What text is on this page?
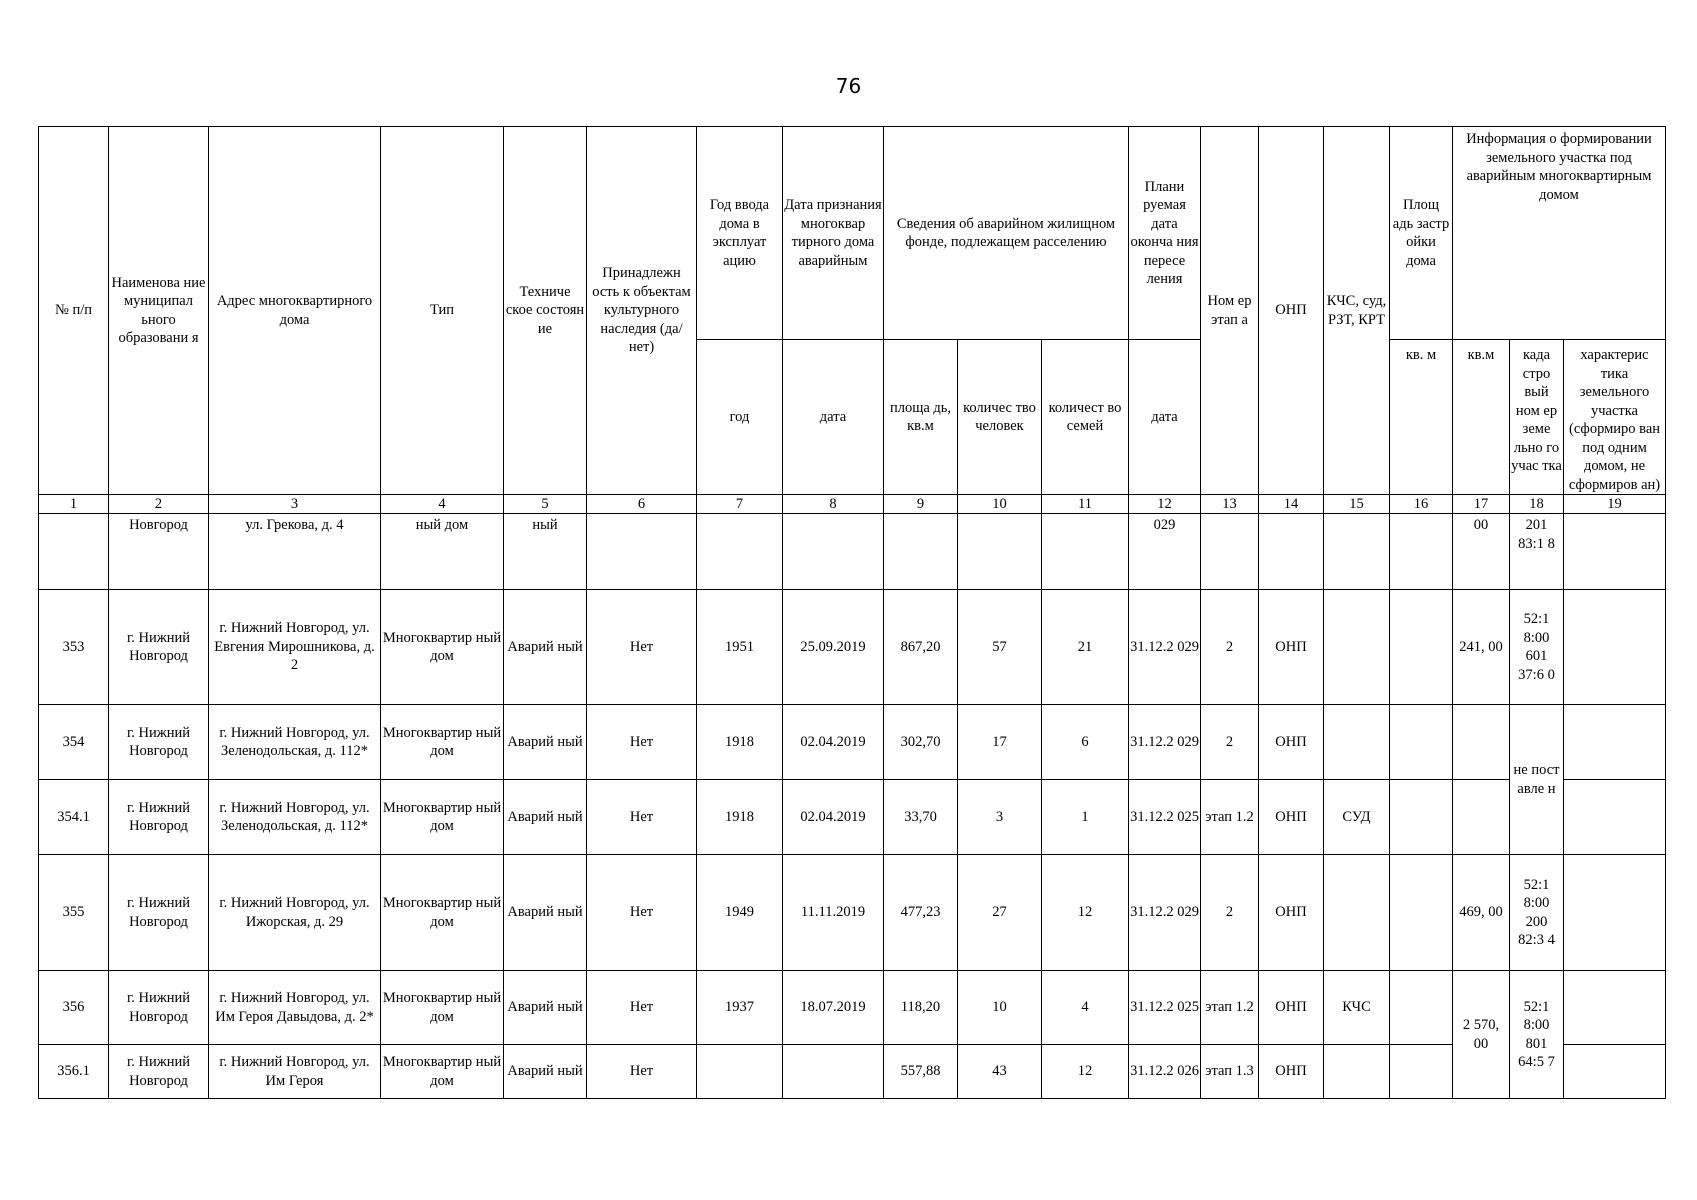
76
№ п/п	Наименова ние муниципал ьного образовани я	Адрес многоквартирного дома	Тип	Техниче ское состоян ие	Принадлежн ость к объектам культурного наследия (да/нет)	Год ввода дома в эксплуат ацию	Дата признания многоквар тирного дома аварийным	Сведения об аварийном жилищном фонде, подлежащем расселению			Плани руемая дата оконча ния пересе ления	Ном ер этап а	ОНП	КЧС, суд, РЗТ, КРТ	Площ адь застр ойки дома	Информация о формировании земельного участка под аварийным многоквартирным домом		
						год	дата	площа дь, кв.м	количес тво человек	количест во семей	дата				кв. м	кв.м	када стро вый ном ер земе льно го учас тка	характерис тика земельного участка (сформиро ван под одним домом, не сформиров ан)
1	2	3	4	5	6	7	8	9	10	11	12	13	14	15	16	17	18	19
	Новгород	ул. Грекова, д. 4	ный дом	ный							029					00	201 83:1 8	
353	г. Нижний Новгород	г. Нижний Новгород, ул. Евгения Мирошникова, д. 2	Многоквартир ный дом	Аварий ный	Нет	1951	25.09.2019	867,20	57	21	31.12.2 029	2	ОНП			241, 00	52:1 8:00 601 37:6 0	
354	г. Нижний Новгород	г. Нижний Новгород, ул. Зеленодольская, д. 112*	Многоквартир ный дом	Аварий ный	Нет	1918	02.04.2019	302,70	17	6	31.12.2 029	2	ОНП				не пост авле н	
354.1	г. Нижний Новгород	г. Нижний Новгород, ул. Зеленодольская, д. 112*	Многоквартир ный дом	Аварий ный	Нет	1918	02.04.2019	33,70	3	1	31.12.2 025	этап 1.2	ОНП	СУД				
355	г. Нижний Новгород	г. Нижний Новгород, ул. Ижорская, д. 29	Многоквартир ный дом	Аварий ный	Нет	1949	11.11.2019	477,23	27	12	31.12.2 029	2	ОНП			469, 00	52:1 8:00 200 82:3 4	
356	г. Нижний Новгород	г. Нижний Новгород, ул. Им Героя Давыдова, д. 2*	Многоквартир ный дом	Аварий ный	Нет	1937	18.07.2019	118,20	10	4	31.12.2 025	этап 1.2	ОНП	КЧС		2 570, 00	52:1 8:00 801 64:5 7	
356.1	г. Нижний Новгород	г. Нижний Новгород, ул. Им Героя	Многоквартир ный дом	Аварий ный	Нет			557,88	43	12	31.12.2 026	этап 1.3	ОНП					
